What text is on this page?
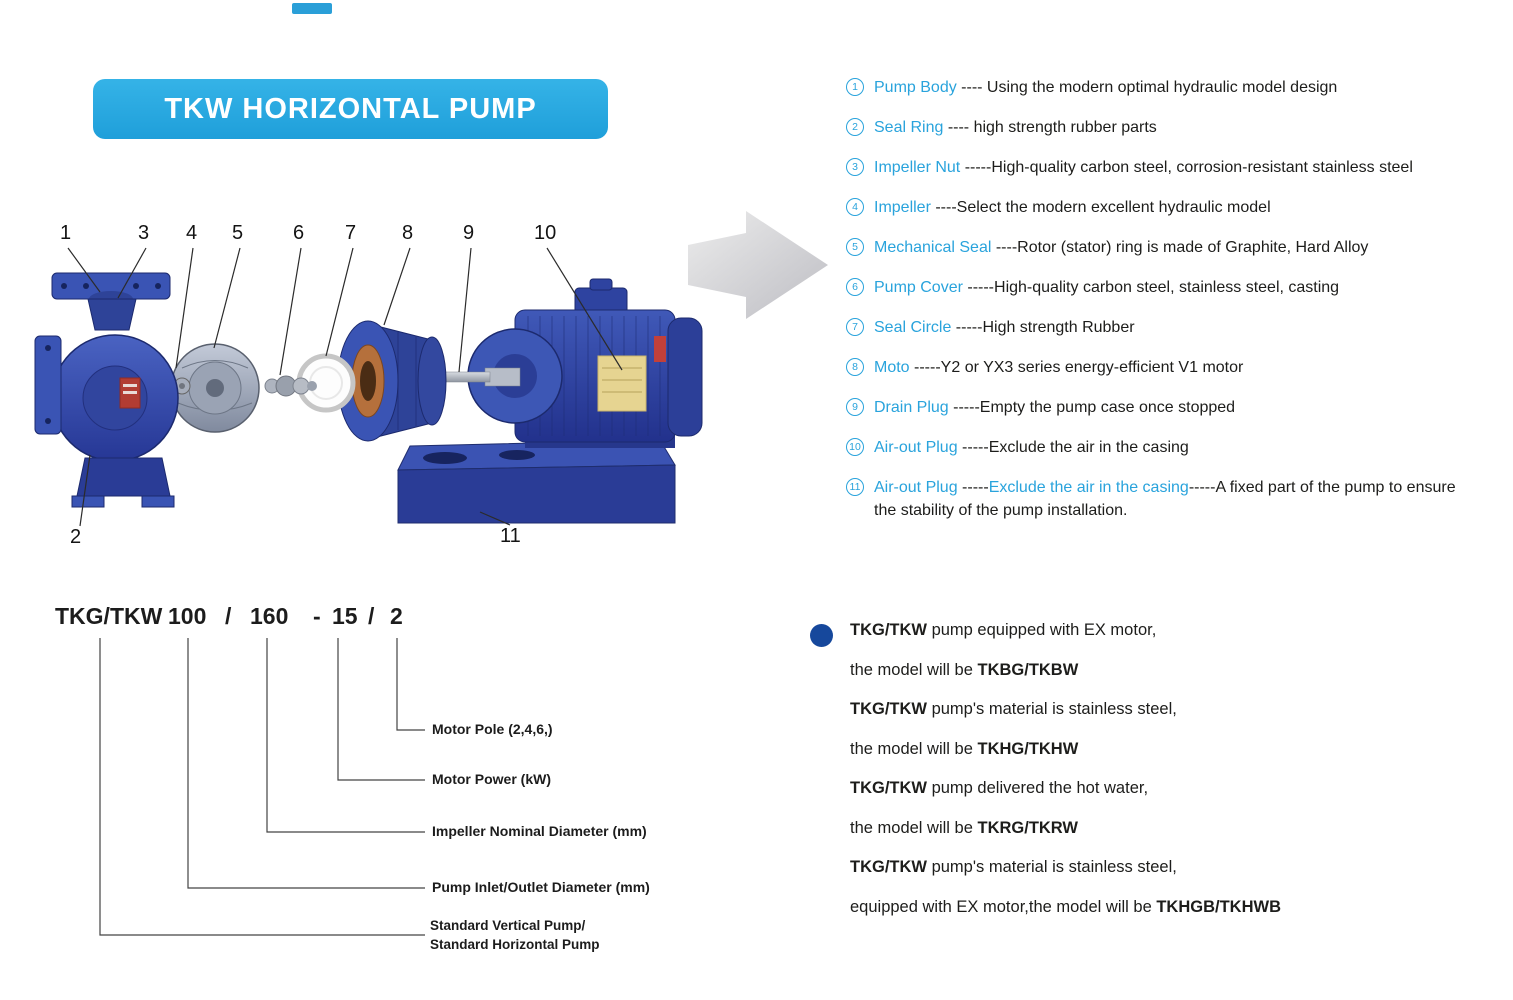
TKW HORIZONTAL PUMP
1	3 4 5 6 7 8 9	10
2	11
1	Pump Body ---- Using the modern optimal hydraulic model design
2	Seal Ring ---- high strength rubber parts
3	Impeller Nut -----High-quality carbon steel, corrosion-resistant stainless steel
4	Impeller ----Select the modern excellent hydraulic model
5	Mechanical Seal ----Rotor (stator) ring is made of Graphite, Hard Alloy
6	Pump Cover -----High-quality carbon steel, stainless steel, casting
7	Seal Circle -----High strength Rubber
8	Moto -----Y2 or YX3 series energy-efficient V1 motor
9	Drain Plug -----Empty the pump case once stopped
10 Air-out Plug -----Exclude the air in the casing
11 Air-out Plug -----Exclude the air in the casing-----A fixed part of the pump to ensure the stability of the pump installation.
TKG/TKW 100 / 160 - 15 / 2
Motor Pole (2,4,6,)
Motor Power (kW)
Impeller Nominal Diameter (mm)
Pump Inlet/Outlet Diameter (mm)
Standard Vertical Pump/
Standard Horizontal Pump
TKG/TKW pump equipped with EX motor,
the model will be TKBG/TKBW
TKG/TKW pump's material is stainless steel,
the model will be TKHG/TKHW
TKG/TKW pump delivered the hot water,
the model will be TKRG/TKRW
TKG/TKW pump's material is stainless steel,
equipped with EX motor,the model will be TKHGB/TKHWB
